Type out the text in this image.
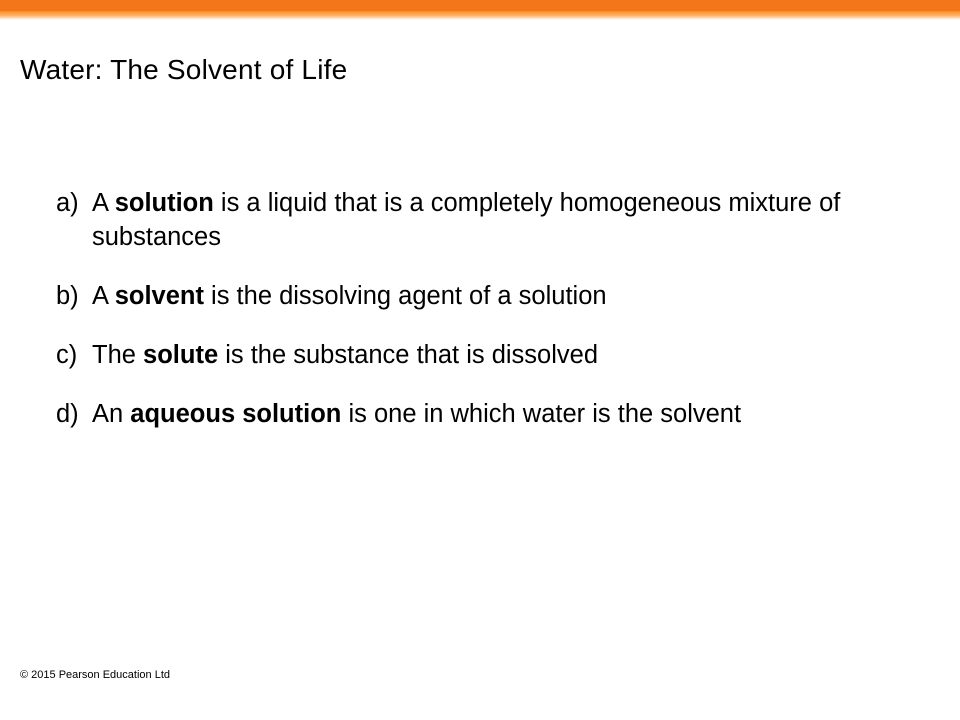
Water: The Solvent of Life
a) A solution is a liquid that is a completely homogeneous mixture of substances
b) A solvent is the dissolving agent of a solution
c) The solute is the substance that is dissolved
d) An aqueous solution is one in which water is the solvent
© 2015 Pearson Education Ltd
